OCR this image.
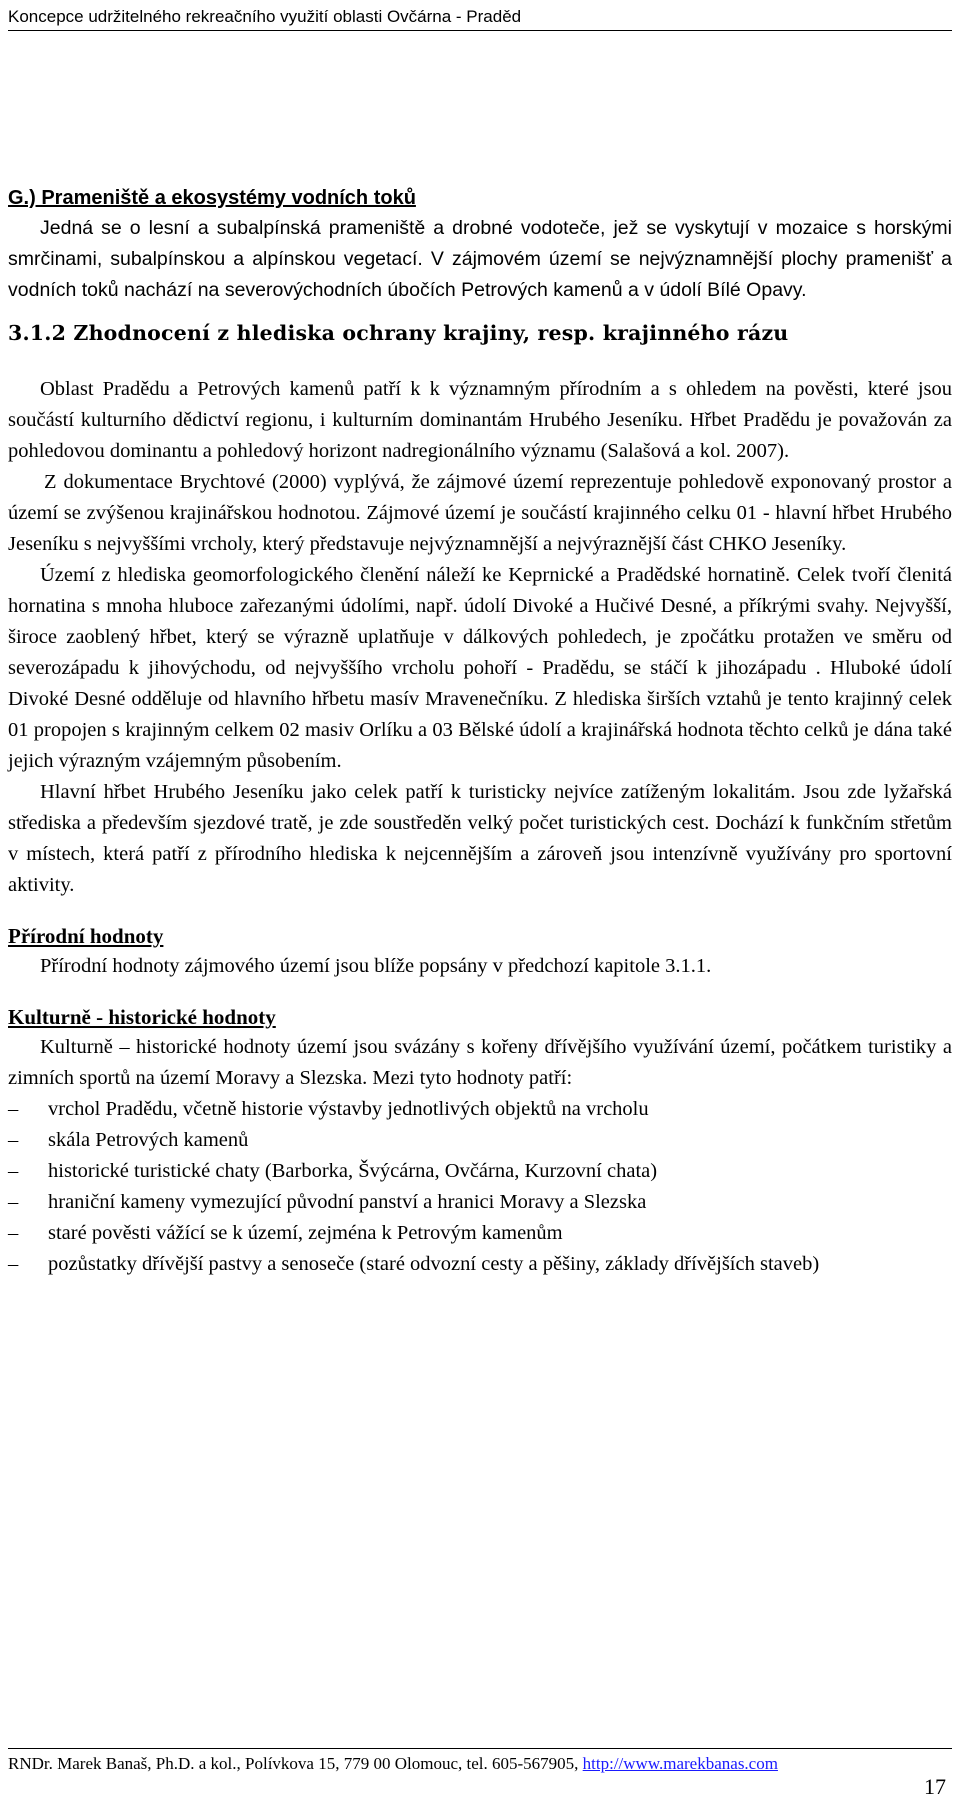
Koncepce udržitelného rekreačního využití oblasti Ovčárna - Praděd
G.) Prameniště a ekosystémy vodních toků

Jedná se o lesní a subalpínská prameniště a drobné vodoteče, jež se vyskytují v mozaice s horskými smrčinami, subalpínskou a alpínskou vegetací. V zájmovém území se nejvýznamnější plochy pramenišť a vodních toků nachází na severovýchodních úbočích Petrových kamenů a v údolí Bílé Opavy.

3.1.2 Zhodnocení z hlediska ochrany krajiny, resp. krajinného rázu

Oblast Pradědu a Petrových kamenů patří k k významným přírodním a s ohledem na pověsti, které jsou součástí kulturního dědictví regionu, i kulturním dominantám Hrubého Jeseníku. Hřbet Pradědu je považován za pohledovou dominantu a pohledový horizont nadregionálního významu (Salašová a kol. 2007).

Z dokumentace Brychtové (2000) vyplývá, že zájmové území reprezentuje pohledově exponovaný prostor a území se zvýšenou krajinářskou hodnotou. Zájmové území je součástí krajinného celku 01 - hlavní hřbet Hrubého Jeseníku s nejvyššími vrcholy, který představuje nejvýznamnější a nejvýraznější část CHKO Jeseníky.

Území z hlediska geomorfologického členění náleží ke Keprnické a Pradědské hornatině. Celek tvoří členitá hornatina s mnoha hluboce zařezanými údolími, např. údolí Divoké a Hučivé Desné, a příkrými svahy. Nejvyšší, široce zaoblený hřbet, který se výrazně uplatňuje v dálkových pohledech, je zpočátku protažen ve směru od severozápadu k jihovýchodu, od nejvyššího vrcholu pohoří - Pradědu, se stáčí k jihozápadu . Hluboké údolí Divoké Desné odděluje od hlavního hřbetu masív Mravenečníku. Z hlediska širších vztahů je tento krajinný celek 01 propojen s krajinným celkem 02 masiv Orlíku a 03 Bělské údolí a krajinářská hodnota těchto celků je dána také jejich výrazným vzájemným působením.

Hlavní hřbet Hrubého Jeseníku jako celek patří k turisticky nejvíce zatíženým lokalitám. Jsou zde lyžařská střediska a především sjezdové tratě, je zde soustředěn velký počet turistických cest. Dochází k funkčním střetům v místech, která patří z přírodního hlediska k nejcennějším a zároveň jsou intenzívně využívány pro sportovní aktivity.

Přírodní hodnoty

Přírodní hodnoty zájmového území jsou blíže popsány v předchozí kapitole 3.1.1.

Kulturně - historické hodnoty

Kulturně – historické hodnoty území jsou svázány s kořeny dřívějšího využívání území, počátkem turistiky a zimních sportů na území Moravy a Slezska. Mezi tyto hodnoty patří:

–	vrchol Pradědu, včetně historie výstavby jednotlivých objektů na vrcholu
–	skála Petrových kamenů
–	historické turistické chaty (Barborka, Švýcárna, Ovčárna, Kurzovní chata)
–	hraniční kameny vymezující původní panství a hranici Moravy a Slezska
–	staré pověsti vážící se k území, zejména k Petrovým kamenům
–	pozůstatky dřívější pastvy a senoseče (staré odvozní cesty a pěšiny, základy dřívějších staveb)
RNDr. Marek Banaš, Ph.D. a kol., Polívkova 15, 779 00 Olomouc, tel. 605-567905, http://www.marekbanas.com
17
